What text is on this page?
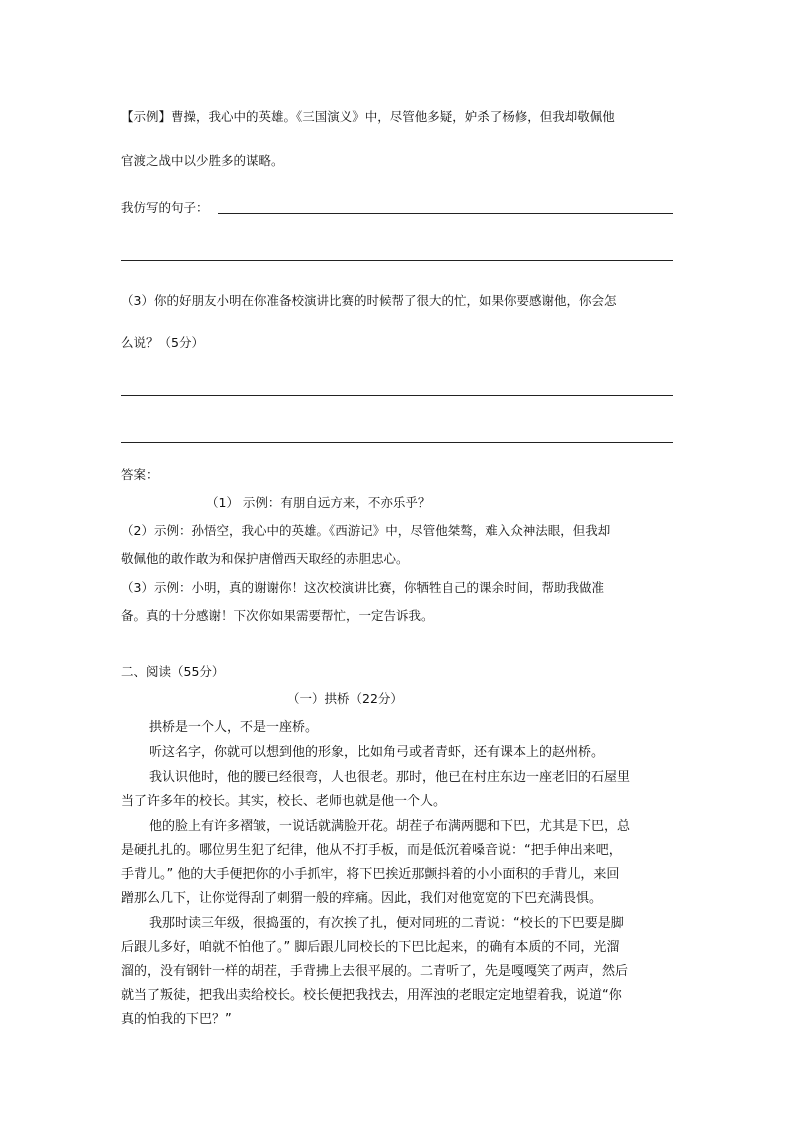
【示例】曹操，我心中的英雄。《三国演义》中，尽管他多疑，妒杀了杨修，但我却敬佩他
官渡之战中以少胜多的谋略。
我仿写的句子：
（3）你的好朋友小明在你准备校演讲比赛的时候帮了很大的忙，如果你要感谢他，你会怎
么说？（5分）
答案：
（1） 示例：有朋自远方来，不亦乐乎？
（2）示例：孙悟空，我心中的英雄。《西游记》中，尽管他桀骜，难入众神法眼，但我却
敬佩他的敢作敢为和保护唐僧西天取经的赤胆忠心。
（3）示例：小明，真的谢谢你！这次校演讲比赛，你牺牲自己的课余时间，帮助我做准
备。真的十分感谢！下次你如果需要帮忙，一定告诉我。
二、阅读（55分）
（一）拱桥（22分）
拱桥是一个人，不是一座桥。
听这名字，你就可以想到他的形象，比如角弓或者青虾，还有课本上的赵州桥。
我认识他时，他的腰已经很弯，人也很老。那时，他已在村庄东边一座老旧的石屋里
当了许多年的校长。其实，校长、老师也就是他一个人。
他的脸上有许多褶皱，一说话就满脸开花。胡茬子布满两腮和下巴，尤其是下巴，总
是硬扎扎的。哪位男生犯了纪律，他从不打手板，而是低沉着嗓音说：“把手伸出来吧，
手背儿。” 他的大手便把你的小手抓牢，将下巴挨近那颤抖着的小小面积的手背儿，来回
蹭那么几下，让你觉得刮了刺猬一般的痒痛。因此，我们对他宽宽的下巴充满畏惧。
我那时读三年级，很捣蛋的，有次挨了扎，便对同班的二青说：“校长的下巴要是脚
后跟儿多好，咱就不怕他了。” 脚后跟儿同校长的下巴比起来，的确有本质的不同，光溜
溜的，没有钢针一样的胡茬，手背拂上去很平展的。二青听了，先是嘎嘎笑了两声，然后
就当了叛徒，把我出卖给校长。校长便把我找去，用浑浊的老眼定定地望着我，说道“你
真的怕我的下巴？”
